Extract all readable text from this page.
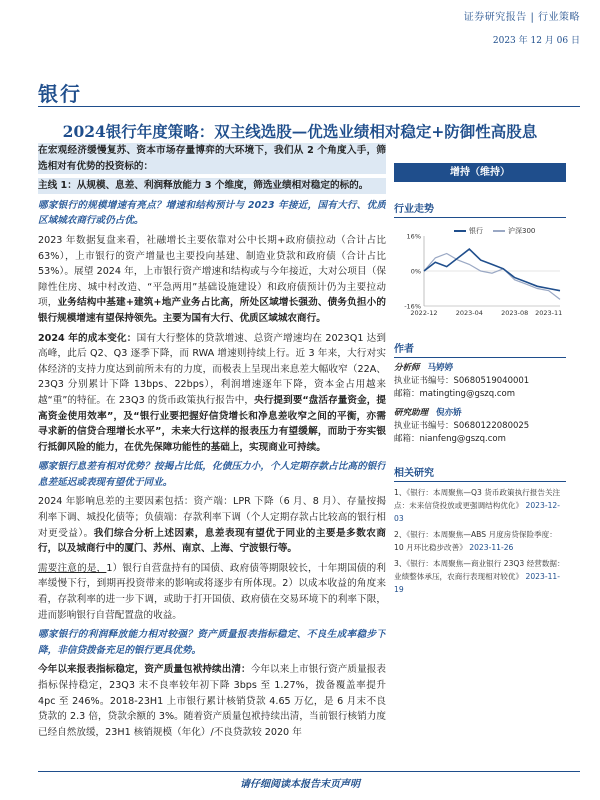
证券研究报告 | 行业策略
2023 年 12 月 06 日
银行
2024银行年度策略：双主线选股—优选业绩相对稳定+防御性高股息
在宏观经济缓慢复苏、资本市场存量博弈的大环境下，我们从 2 个角度入手，筛选相对有优势的投资标的：
主线 1：从规模、息差、利润释放能力 3 个维度，筛选业绩相对稳定的标的。
哪家银行的规模增速有亮点？增速和结构预计与 2023 年接近，国有大行、优质区域城农商行或仍占优。
2023 年数据复盘来看，社融增长主要依靠对公中长期+政府债拉动（合计占比 63%），上市银行的资产增量也主要投向基建、制造业贷款和政府债（合计占比 53%）。展望 2024 年，上市银行资产增速和结构或与今年接近，大对公项目（保障性住房、城中村改造、“平急两用”基础设施建设）和政府债预计仍为主要拉动项，业务结构中基建+建筑+地产业务占比高，所处区域增长强劲、债务负担小的银行规模增速有望保持领先。主要为国有大行、优质区域城农商行。
2024 年的成本变化：国有大行整体的贷款增速、总资产增速均在 2023Q1 达到高峰，此后 Q2、Q3 逐季下降，而 RWA 增速则持续上行。近 3 年来，大行对实体经济的支持力度达到前所未有的力度，而极表上呈现出来息差大幅收窄（22A、23Q3 分别累计下降 13bps、22bps），利润增速逐年下降，资本金占用越来越“重”的特征。在 23Q3 的货币政策执行报告中，央行提到要“盘活存量资金，提高资金使用效率”，及“银行业要把握好信贷增长和净息差收窄之间的平衡，亦需寻求新的信贷合理增长水平”，未来大行这样的报表压力有望缓解，而助于夯实银行抵御风险的能力，在优先保障功能性的基础上，实现商业可持续。
哪家银行息差有相对优势？按揭占比低，化债压力小，个人定期存款占比高的银行息差延迟或表现有望优于同业。
2024 年影响息差的主要因素包括：资产端：LPR 下降（6 月、8 月）、存量按揭利率下调、城投化债等；负债端：存款利率下调（个人定期存款占比较高的银行相对更受益）。我们综合分析上述因素，息差表现有望优于同业的主要是多数农商行，以及城商行中的厦门、苏州、南京、上海、宁波银行等。
需要注意的是，1）银行自营盘持有的国债、政府债等期限较长，十年期国债的利率缓慢下行，到期再投资带来的影响或将逐步有所体现。2）以成本收益的角度来看，存款利率的进一步下调，或助于打开国债、政府债在交易环境下的利率下限，进而影响银行自营配置盘的收益。
哪家银行的利润释放能力相对较强？资产质量报表指标稳定、不良生成率稳步下降，非信贷拨备充足的银行更具优势。
今年以来报表指标稳定，资产质量包袱持续出清：今年以来上市银行资产质量报表指标保持稳定，23Q3 末不良率较年初下降 3bps 至 1.27%，拨备覆盖率提升 4pc 至 246%。2018-23H1 上市银行累计核销贷款 4.65 万亿，是 6 月末不良贷款的 2.3 倍，贷款余额的 3%。随着资产质量包袱持续出清，当前银行核销力度已经自然放缓，23H1 核销规模（年化）/不良贷款较 2020 年
增持（维持）
行业走势
银行	沪深300
16%
0%
-16%
2022-12	2023-04	2023-08 2023-11
作者
分析师 马婷婷
执业证书编号：S0680519040001
邮箱：matingting@gszq.com
研究助理 倪亦娇
执业证书编号：S0680122080025
邮箱：nianfeng@gszq.com
相关研究
1、《银行：本周聚焦—Q3 货币政策执行报告关注点：未来信贷投放或更强调结构优化》 2023-12-03
2、《银行：本周聚焦—ABS 月度房贷保险季度：10 月环比稳步改善》 2023-11-26
3、《银行：本周聚焦—商业银行 23Q3 经营数据：业绩整体承压，农商行表现相对较优》 2023-11-19
请仔细阅读本报告末页声明
